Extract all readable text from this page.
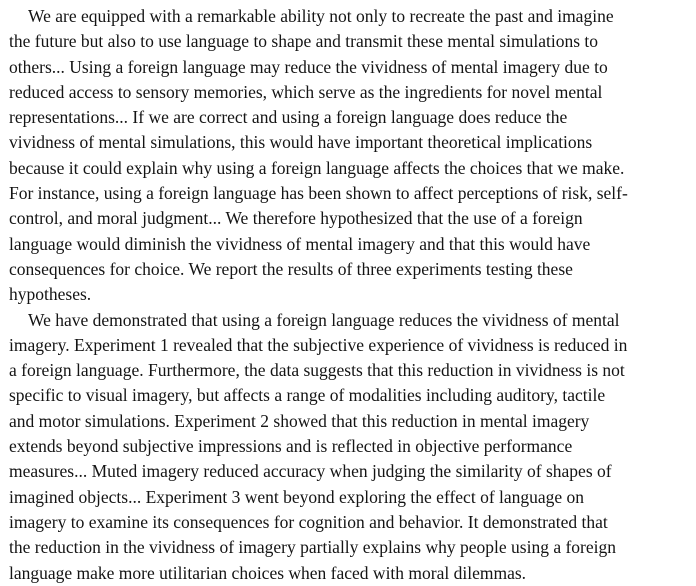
We are equipped with a remarkable ability not only to recreate the past and imagine
the future but also to use language to shape and transmit these mental simulations to
others... Using a foreign language may reduce the vividness of mental imagery due to
reduced access to sensory memories, which serve as the ingredients for novel mental
representations... If we are correct and using a foreign language does reduce the
vividness of mental simulations, this would have important theoretical implications
because it could explain why using a foreign language affects the choices that we make.
For instance, using a foreign language has been shown to affect perceptions of risk, self-
control, and moral judgment... We therefore hypothesized that the use of a foreign
language would diminish the vividness of mental imagery and that this would have
consequences for choice. We report the results of three experiments testing these
hypotheses.

We have demonstrated that using a foreign language reduces the vividness of mental
imagery. Experiment 1 revealed that the subjective experience of vividness is reduced in
a foreign language. Furthermore, the data suggests that this reduction in vividness is not
specific to visual imagery, but affects a range of modalities including auditory, tactile
and motor simulations. Experiment 2 showed that this reduction in mental imagery
extends beyond subjective impressions and is reflected in objective performance
measures... Muted imagery reduced accuracy when judging the similarity of shapes of
imagined objects... Experiment 3 went beyond exploring the effect of language on
imagery to examine its consequences for cognition and behavior. It demonstrated that
the reduction in the vividness of imagery partially explains why people using a foreign
language make more utilitarian choices when faced with moral dilemmas.
